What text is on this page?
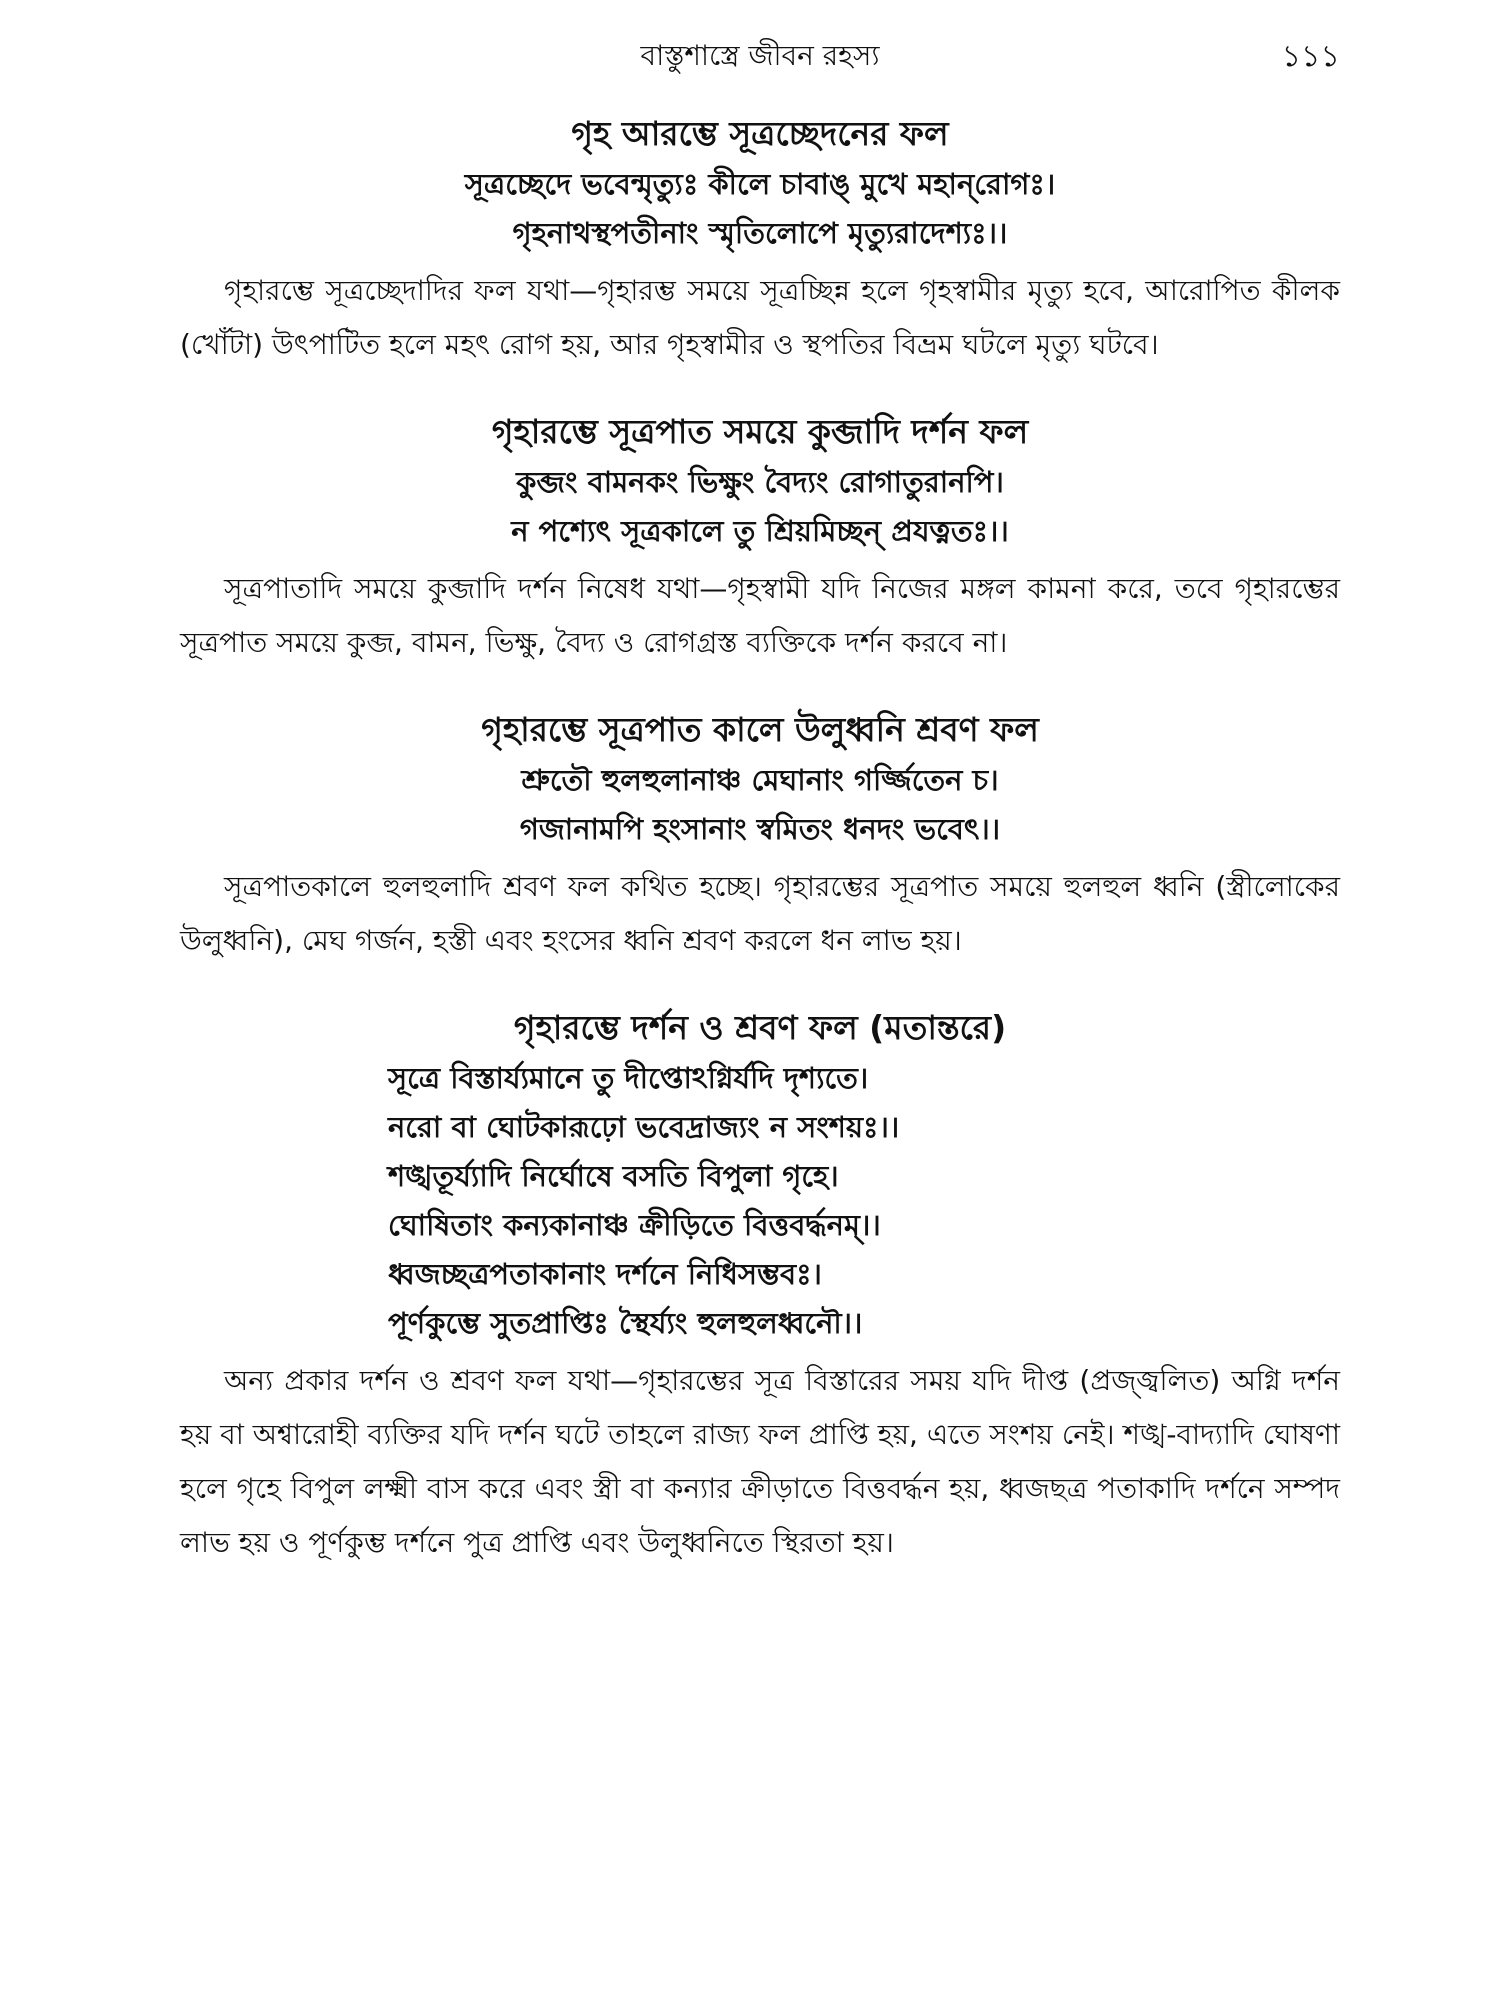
বাস্তুশাস্ত্রে জীবন রহস্য	১১১
গৃহ আরম্ভে সূত্রচ্ছেদনের ফল
সূত্রচ্ছেদে ভবেন্মৃত্যুঃ কীলে চাবাঙ্ মুখে মহান্‌রোগঃ।
গৃহনাথস্থপতীনাং স্মৃতিলোপে মৃত্যুরাদেশ্যঃ।।
গৃহারম্ভে সূত্রচ্ছেদাদির ফল যথা—গৃহারম্ভ সময়ে সূত্রচ্ছিন্ন হলে গৃহস্বামীর মৃত্যু হবে, আরোপিত কীলক (খোঁটা) উৎপাটিত হলে মহৎ রোগ হয়, আর গৃহস্বামীর ও স্থপতির বিভ্রম ঘটলে মৃত্যু ঘটবে।
গৃহারম্ভে সূত্রপাত সময়ে কুব্জাদি দর্শন ফল
কুব্জং বামনকং ভিক্ষুং বৈদ্যং রোগাতুরানপি।
ন পশ্যেৎ সূত্রকালে তু শ্রিয়মিচ্ছন্ প্রযত্নতঃ।।
সূত্রপাতাদি সময়ে কুব্জাদি দর্শন নিষেধ যথা—গৃহস্বামী যদি নিজের মঙ্গল কামনা করে, তবে গৃহারম্ভের সূত্রপাত সময়ে কুব্জ, বামন, ভিক্ষু, বৈদ্য ও রোগগ্রস্ত ব্যক্তিকে দর্শন করবে না।
গৃহারম্ভে সূত্রপাত কালে উলুধ্বনি শ্রবণ ফল
শ্রুতৌ হুলহুলানাঞ্চ মেঘানাং গর্জ্জিতেন চ।
গজানামপি হংসানাং স্বমিতং ধনদং ভবেৎ।।
সূত্রপাতকালে হুলহুলাদি শ্রবণ ফল কথিত হচ্ছে। গৃহারম্ভের সূত্রপাত সময়ে হুলহুল ধ্বনি (স্ত্রীলোকের উলুধ্বনি), মেঘ গর্জন, হস্তী এবং হংসের ধ্বনি শ্রবণ করলে ধন লাভ হয়।
গৃহারম্ভে দর্শন ও শ্রবণ ফল (মতান্তরে)
সূত্রে বিস্তার্য্যমানে তু দীপ্তোঽগ্নির্যদি দৃশ্যতে।
নরো বা ঘোটকারূঢ়ো ভবেদ্রাজ্যং ন সংশয়ঃ।।
শঙ্খতূর্য্যাদি নির্ঘোষে বসতি বিপুলা গৃহে।
ঘোষিতাং কন্যকানাঞ্চ ক্রীড়িতে বিত্তবর্দ্ধনম্।।
ধ্বজচ্ছত্রপতাকানাং দর্শনে নিধিসম্ভবঃ।
পূর্ণকুম্ভে সুতপ্রাপ্তিঃ স্থৈর্য্যং হুলহুলধ্বনৌ।।
অন্য প্রকার দর্শন ও শ্রবণ ফল যথা—গৃহারম্ভের সূত্র বিস্তারের সময় যদি দীপ্ত (প্রজ্জ্বলিত) অগ্নি দর্শন হয় বা অশ্বারোহী ব্যক্তির যদি দর্শন ঘটে তাহলে রাজ্য ফল প্রাপ্তি হয়, এতে সংশয় নেই। শঙ্খ-বাদ্যাদি ঘোষণা হলে গৃহে বিপুল লক্ষ্মী বাস করে এবং স্ত্রী বা কন্যার ক্রীড়াতে বিত্তবর্দ্ধন হয়, ধ্বজছত্র পতাকাদি দর্শনে সম্পদ লাভ হয় ও পূর্ণকুম্ভ দর্শনে পুত্র প্রাপ্তি এবং উলুধ্বনিতে স্থিরতা হয়।
